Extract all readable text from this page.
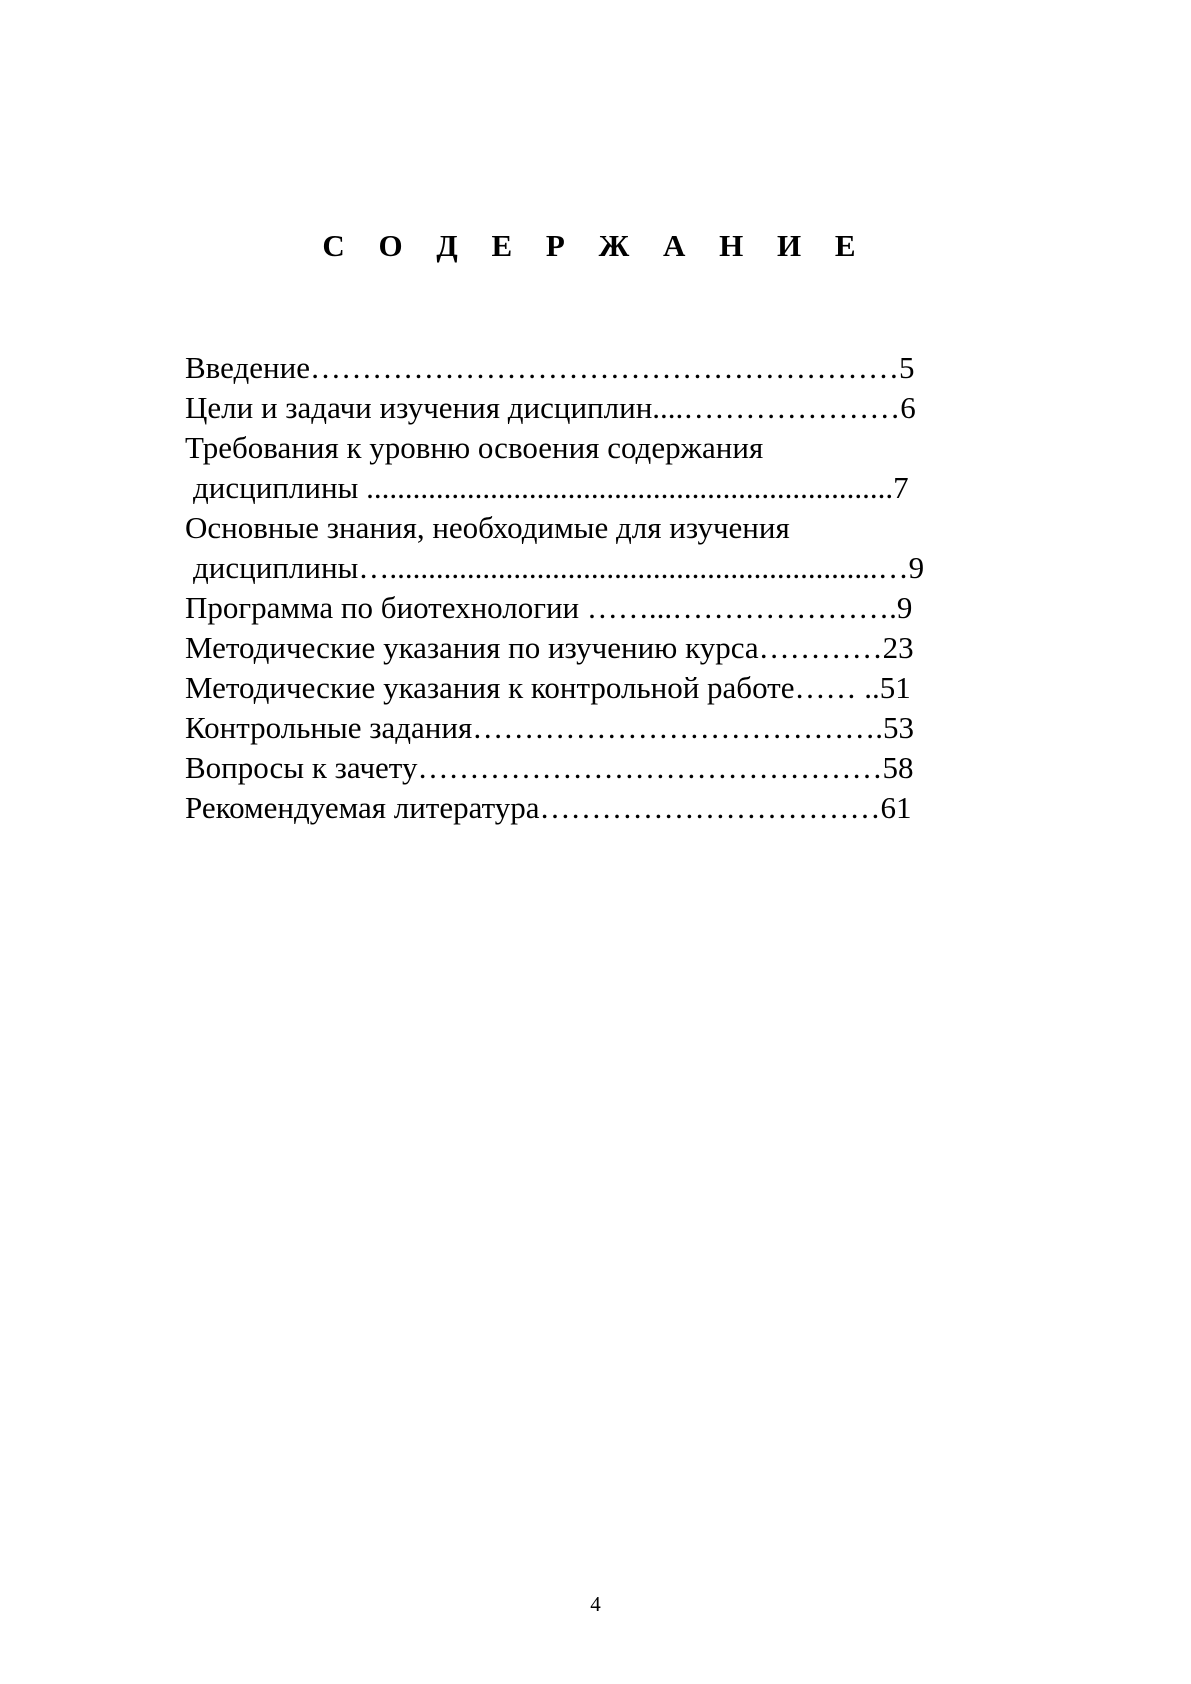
С О Д Е Р Ж А Н И Е
Введение…………………………………………………5
Цели и задачи изучения дисциплин....…………………6
Требования к уровню освоения содержания
дисциплины ....................................................................7
Основные знания, необходимые для изучения
дисциплины…...............................................................…9
Программа по биотехнологии ……...………………….9
Методические указания по изучению курса…………23
Методические указания к контрольной работе…… ..51
Контрольные задания………………………………….53
Вопросы к зачету………………………………………58
Рекомендуемая литература……………………………61
4
